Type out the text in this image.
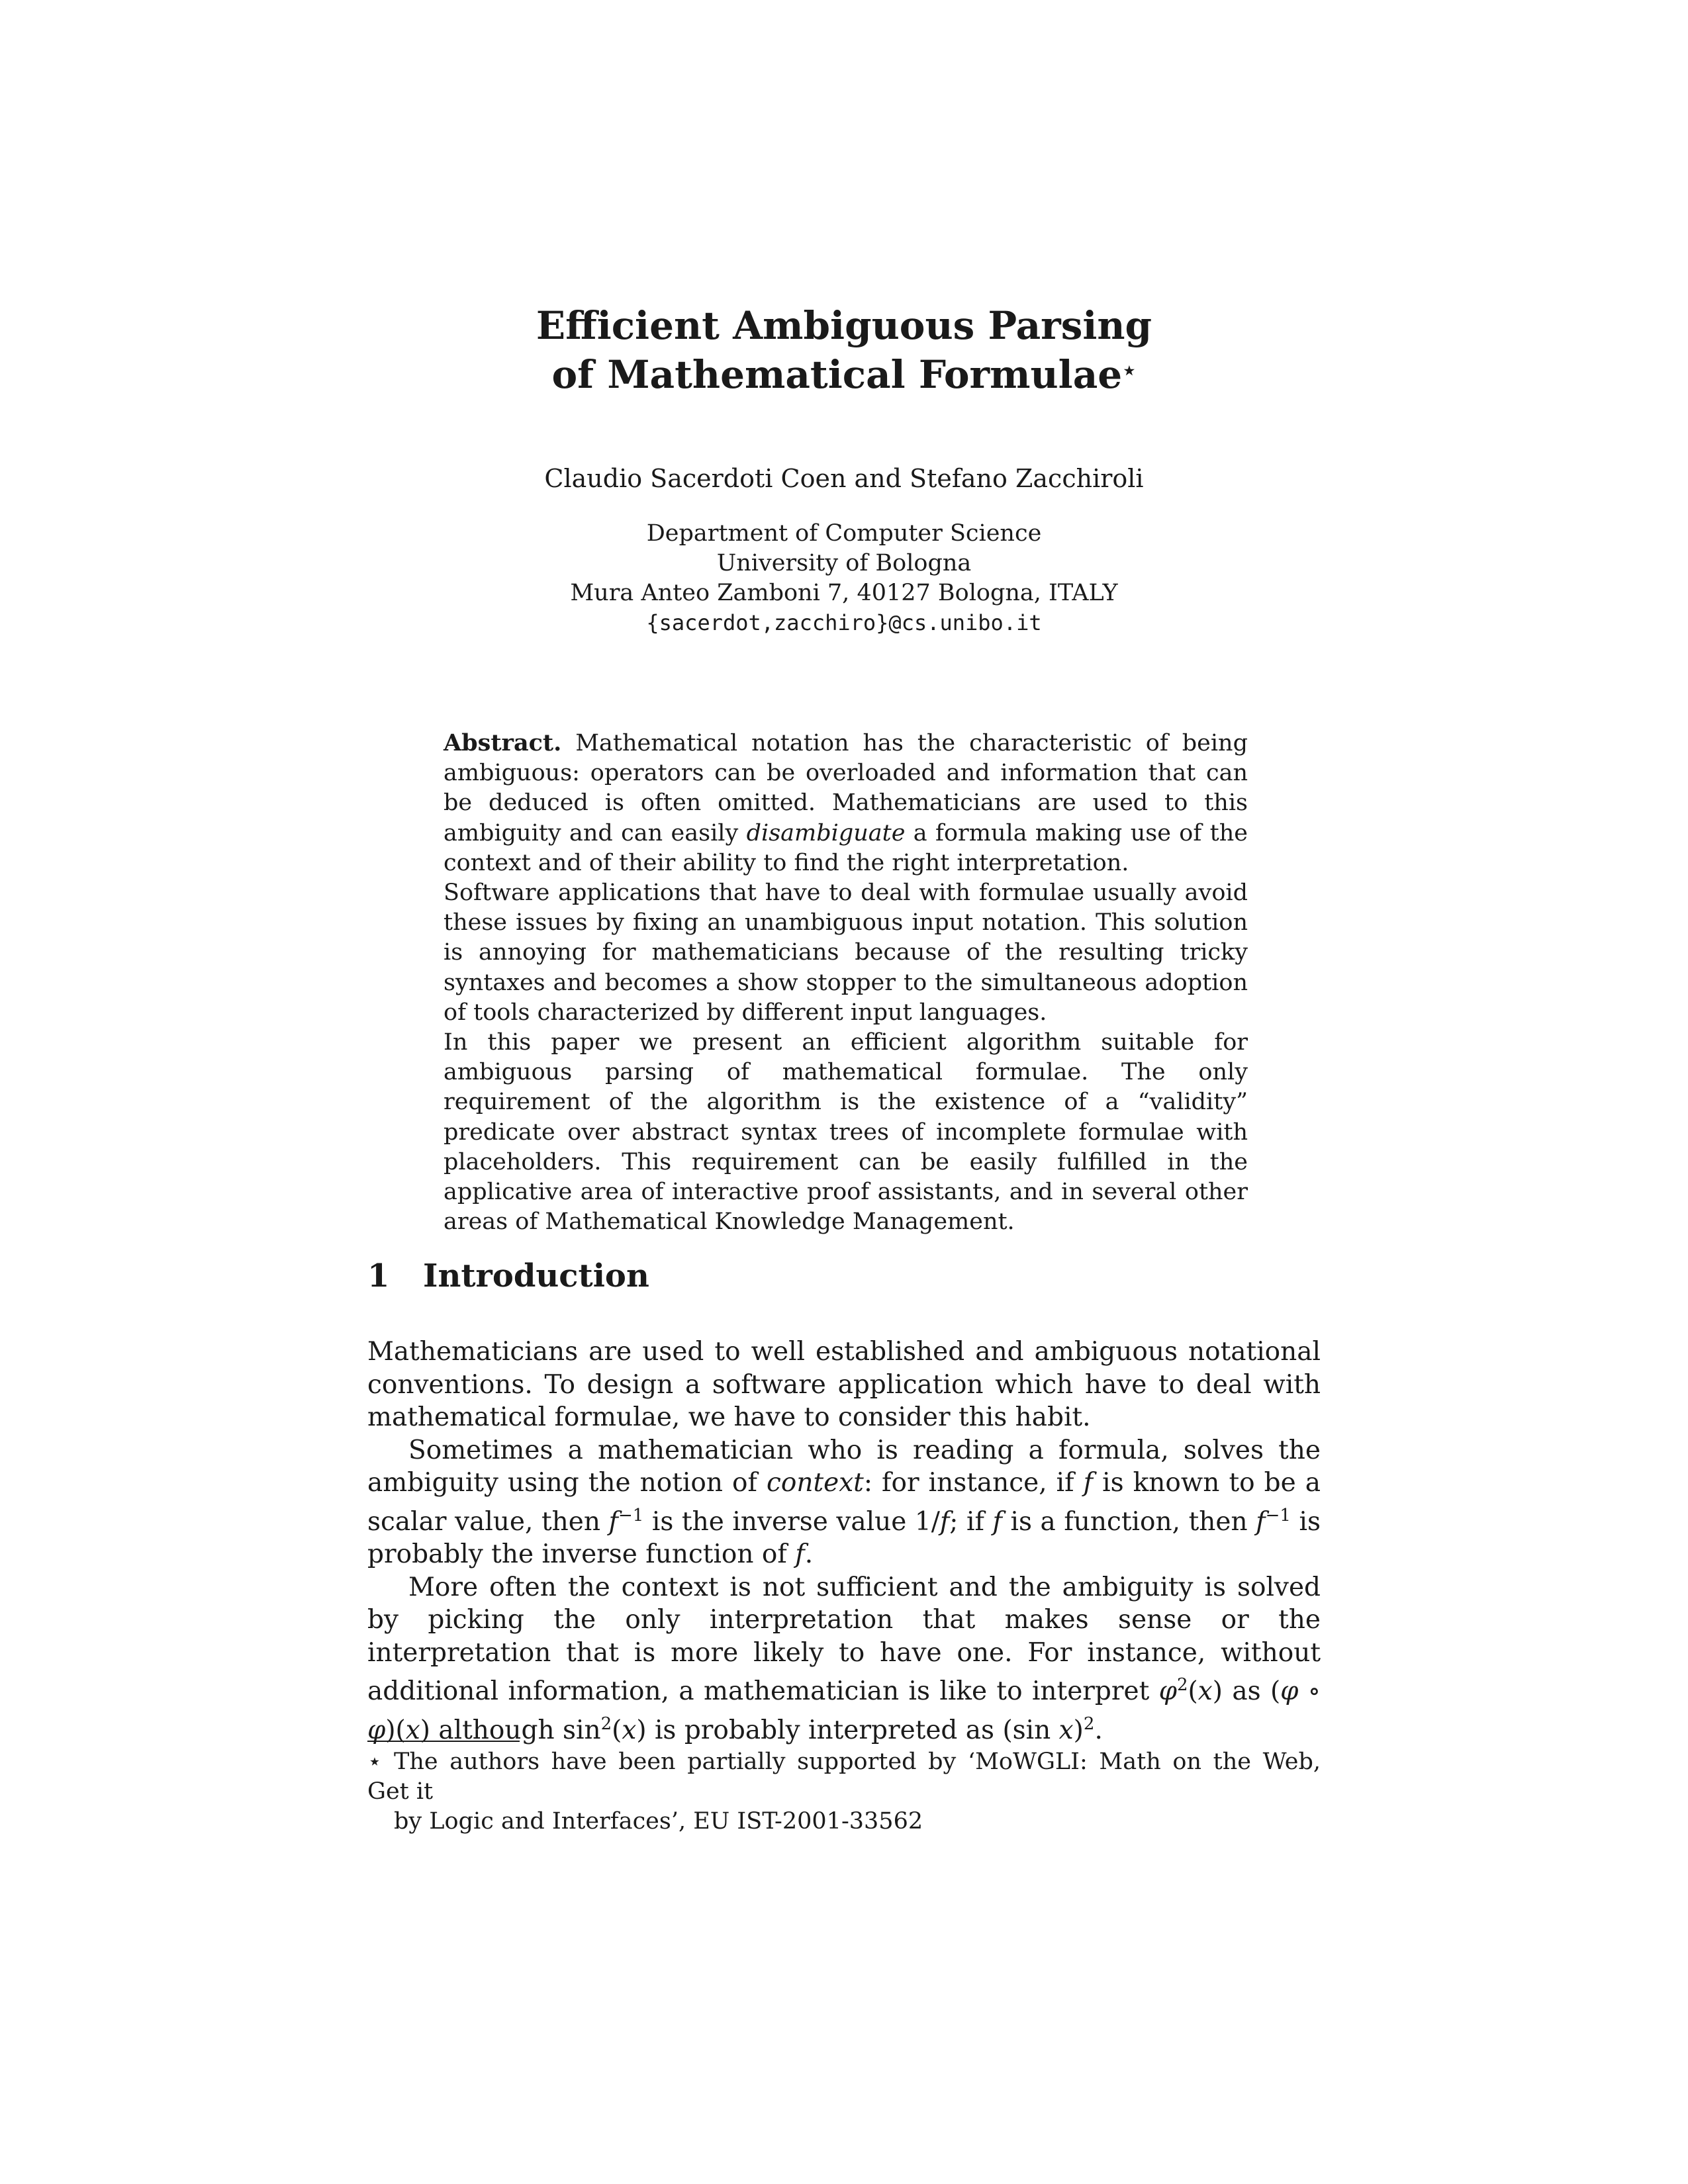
Efficient Ambiguous Parsing
of Mathematical Formulae⋆
Claudio Sacerdoti Coen and Stefano Zacchiroli
Department of Computer Science
University of Bologna
Mura Anteo Zamboni 7, 40127 Bologna, ITALY
{sacerdot,zacchiro}@cs.unibo.it

Abstract. Mathematical notation has the characteristic of being ambiguous: operators can be overloaded and information that can be deduced is often omitted. Mathematicians are used to this ambiguity and can easily disambiguate a formula making use of the context and of their ability to find the right interpretation.

Software applications that have to deal with formulae usually avoid these issues by fixing an unambiguous input notation. This solution is annoying for mathematicians because of the resulting tricky syntaxes and becomes a show stopper to the simultaneous adoption of tools characterized by different input languages.

In this paper we present an efficient algorithm suitable for ambiguous parsing of mathematical formulae. The only requirement of the algorithm is the existence of a “validity” predicate over abstract syntax trees of incomplete formulae with placeholders. This requirement can be easily fulfilled in the applicative area of interactive proof assistants, and in several other areas of Mathematical Knowledge Management.

1 Introduction

Mathematicians are used to well established and ambiguous notational conventions. To design a software application which have to deal with mathematical formulae, we have to consider this habit.

Sometimes a mathematician who is reading a formula, solves the ambiguity using the notion of context: for instance, if f is known to be a scalar value, then $f^{-1}$ is the inverse value 1/f; if f is a function, then $f^{-1}$ is probably the inverse function of f.

More often the context is not sufficient and the ambiguity is solved by picking the only interpretation that makes sense or the interpretation that is more likely to have one. For instance, without additional information, a mathematician is like to interpret $\varphi^2(x)$ as (φ ∘ φ)(x) although $\sin^2(x)$ is probably interpreted as (sin x)$^2$.

⋆ The authors have been partially supported by ‘MoWGLI: Math on the Web, Get it
by Logic and Interfaces’, EU IST-2001-33562
